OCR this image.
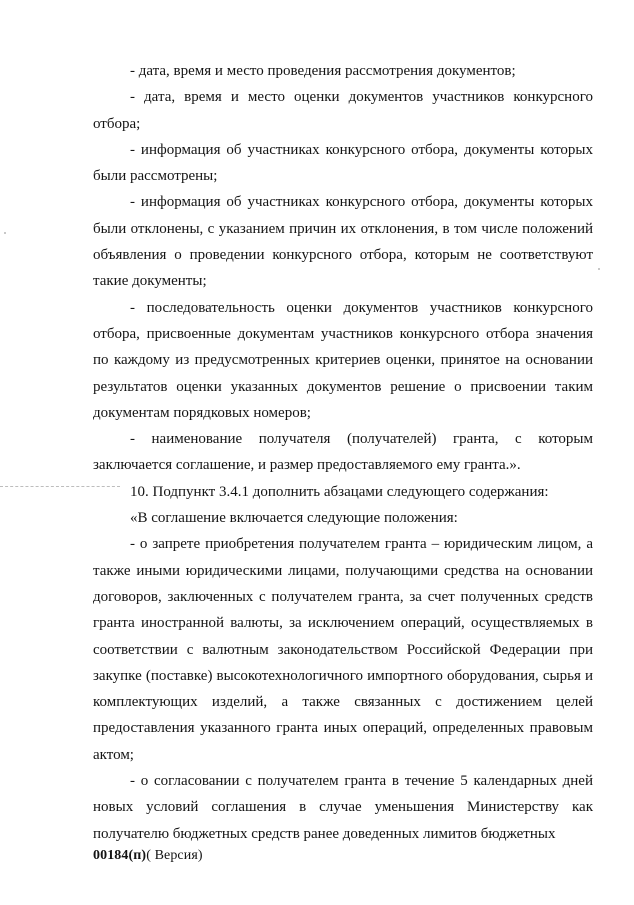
- дата, время и место проведения рассмотрения документов;

- дата, время и место оценки документов участников конкурсного отбора;

- информация об участниках конкурсного отбора, документы которых были рассмотрены;

- информация об участниках конкурсного отбора, документы которых были отклонены, с указанием причин их отклонения, в том числе положений объявления о проведении конкурсного отбора, которым не соответствуют такие документы;

- последовательность оценки документов участников конкурсного отбора, присвоенные документам участников конкурсного отбора значения по каждому из предусмотренных критериев оценки, принятое на основании результатов оценки указанных документов решение о присвоении таким документам порядковых номеров;

- наименование получателя (получателей) гранта, с которым заключается соглашение, и размер предоставляемого ему гранта.».

10. Подпункт 3.4.1 дополнить абзацами следующего содержания:

«В соглашение включается следующие положения:

- о запрете приобретения получателем гранта – юридическим лицом, а также иными юридическими лицами, получающими средства на основании договоров, заключенных с получателем гранта, за счет полученных средств гранта иностранной валюты, за исключением операций, осуществляемых в соответствии с валютным законодательством Российской Федерации при закупке (поставке) высокотехнологичного импортного оборудования, сырья и комплектующих изделий, а также связанных с достижением целей предоставления указанного гранта иных операций, определенных правовым актом;

- о согласовании с получателем гранта в течение 5 календарных дней новых условий соглашения в случае уменьшения Министерству как получателю бюджетных средств ранее доведенных лимитов бюджетных

00184(п)( Версия)
